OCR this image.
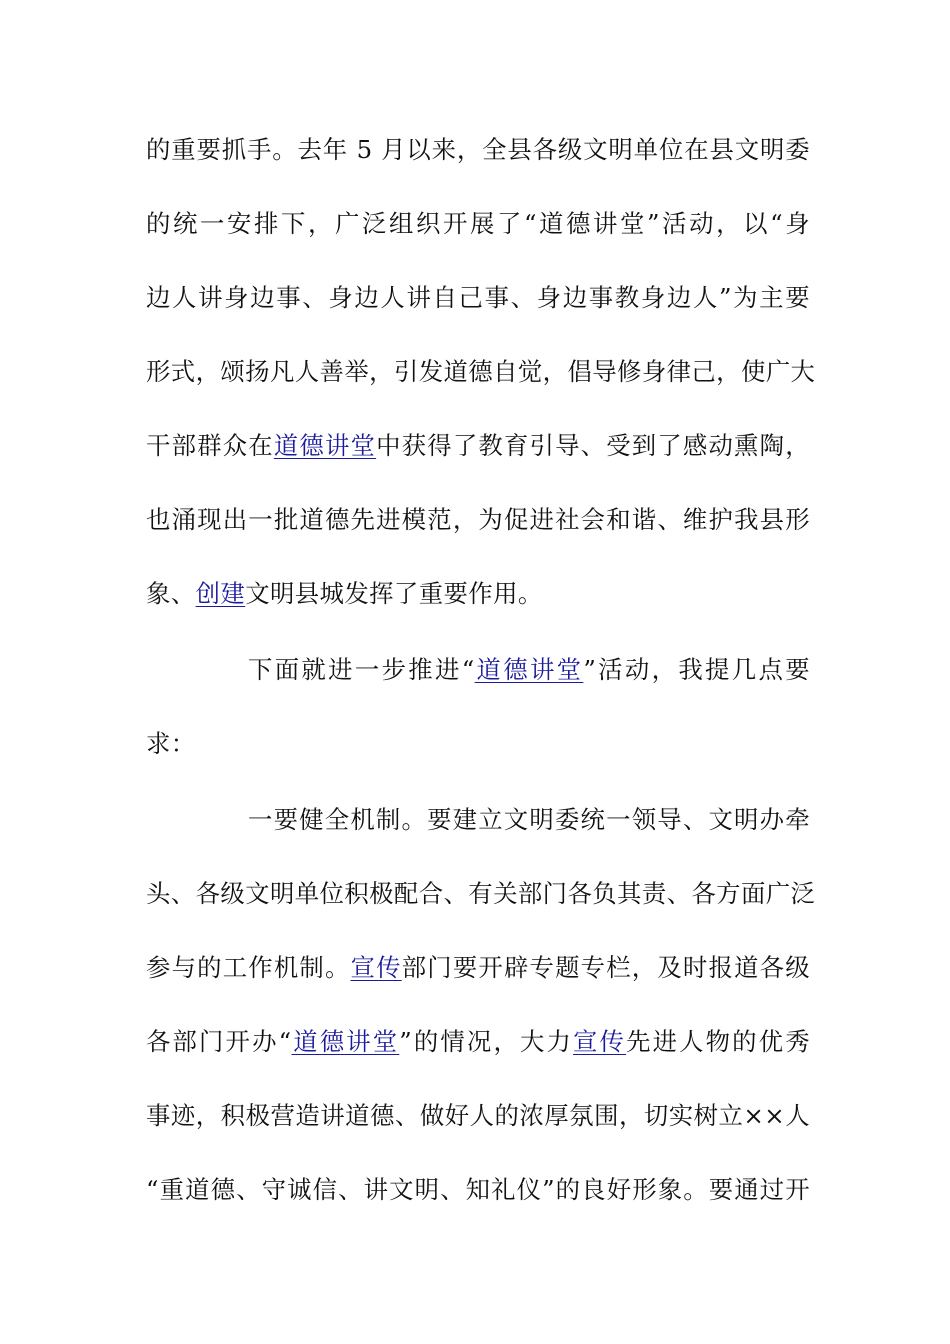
的重要抓手。去年 5 月以来，全县各级文明单位在县文明委
的统一安排下，广泛组织开展了“道德讲堂”活动，以“身
边人讲身边事、身边人讲自己事、身边事教身边人”为主要
形式，颂扬凡人善举，引发道德自觉，倡导修身律己，使广大
干部群众在道德讲堂中获得了教育引导、受到了感动熏陶，
也涌现出一批道德先进模范，为促进社会和谐、维护我县形
象、创建文明县城发挥了重要作用。
下面就进一步推进“道德讲堂”活动，我提几点要
求：
一要健全机制。要建立文明委统一领导、文明办牵
头、各级文明单位积极配合、有关部门各负其责、各方面广泛
参与的工作机制。宣传部门要开辟专题专栏，及时报道各级
各部门开办“道德讲堂”的情况，大力宣传先进人物的优秀
事迹，积极营造讲道德、做好人的浓厚氛围，切实树立××人
“重道德、守诚信、讲文明、知礼仪”的良好形象。要通过开
